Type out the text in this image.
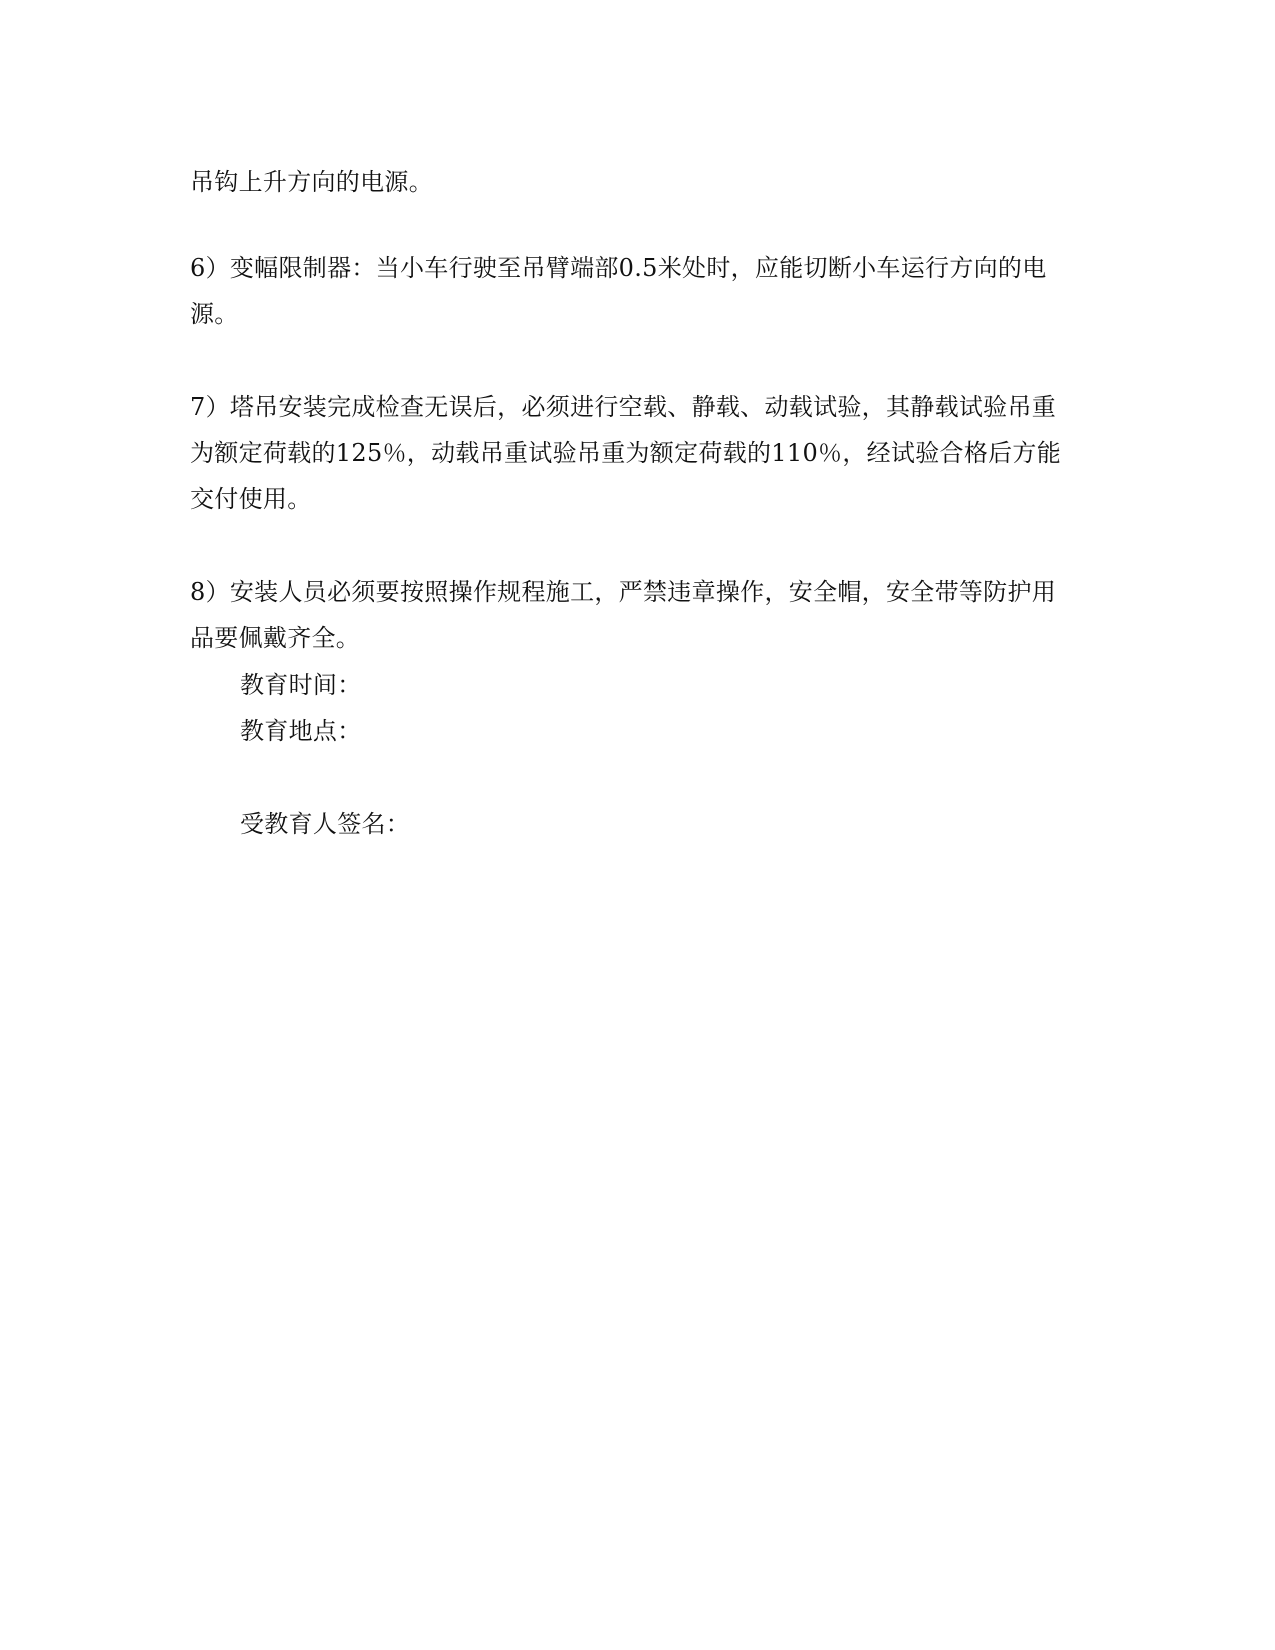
吊钩上升方向的电源。
6）变幅限制器：当小车行驶至吊臂端部0.5米处时，应能切断小车运行方向的电
源。
7）塔吊安装完成检查无误后，必须进行空载、静载、动载试验，其静载试验吊重
为额定荷载的125％，动载吊重试验吊重为额定荷载的110％，经试验合格后方能
交付使用。
8）安装人员必须要按照操作规程施工，严禁违章操作，安全帽，安全带等防护用
品要佩戴齐全。
教育时间：
教育地点：
受教育人签名：
